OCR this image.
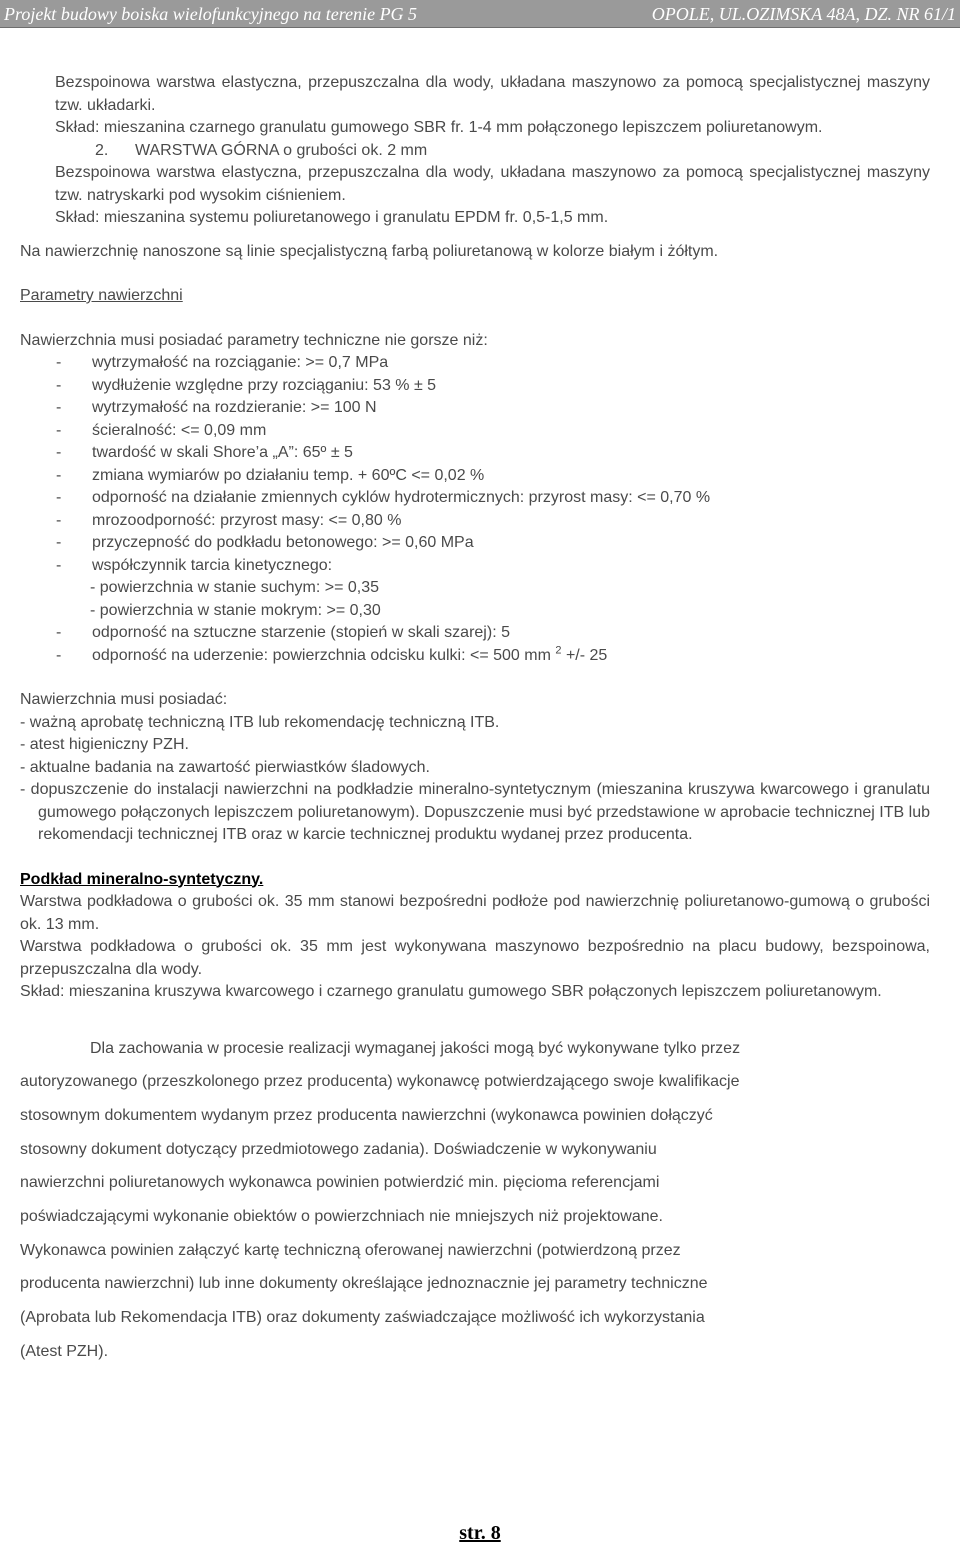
Projekt budowy boiska wielofunkcyjnego na terenie PG 5	OPOLE, UL.OZIMSKA 48A, DZ. NR 61/1

Bezspoinowa warstwa elastyczna, przepuszczalna dla wody, układana maszynowo za pomocą specjalistycznej maszyny tzw. układarki.

Skład: mieszanina czarnego granulatu gumowego SBR fr. 1-4 mm połączonego lepiszczem poliuretanowym.

2. WARSTWA GÓRNA o grubości ok. 2 mm

Bezspoinowa warstwa elastyczna, przepuszczalna dla wody, układana maszynowo za pomocą specjalistycznej maszyny tzw. natryskarki pod wysokim ciśnieniem.

Skład: mieszanina systemu poliuretanowego i granulatu EPDM fr. 0,5-1,5 mm.

Na nawierzchnię nanoszone są linie specjalistyczną farbą poliuretanową w kolorze białym i żółtym.

Parametry nawierzchni

Nawierzchnia musi posiadać parametry techniczne nie gorsze niż:

- wytrzymałość na rozciąganie: >= 0,7 MPa
- wydłużenie względne przy rozciąganiu: 53 % ± 5
- wytrzymałość na rozdzieranie: >= 100 N
- ścieralność: <= 0,09 mm
- twardość w skali Shore’a „A”: 65º ± 5
- zmiana wymiarów po działaniu temp. + 60ºC <= 0,02 %
- odporność na działanie zmiennych cyklów hydrotermicznych: przyrost masy: <= 0,70 %
- mrozoodporność: przyrost masy: <= 0,80 %
- przyczepność do podkładu betonowego: >= 0,60 MPa
- współczynnik tarcia kinetycznego:
- powierzchnia w stanie suchym: >= 0,35
- powierzchnia w stanie mokrym: >= 0,30
- odporność na sztuczne starzenie (stopień w skali szarej): 5
- odporność na uderzenie: powierzchnia odcisku kulki: <= 500 mm $^2$ +/- 25

Nawierzchnia musi posiadać:

- ważną aprobatę techniczną ITB lub rekomendację techniczną ITB.

- atest higieniczny PZH.

- aktualne badania na zawartość pierwiastków śladowych.

- dopuszczenie do instalacji nawierzchni na podkładzie mineralno-syntetycznym (mieszanina kruszywa kwarcowego i granulatu gumowego połączonych lepiszczem poliuretanowym). Dopuszczenie musi być przedstawione w aprobacie technicznej ITB lub rekomendacji technicznej ITB oraz w karcie technicznej produktu wydanej przez producenta.

Podkład mineralno-syntetyczny.

Warstwa podkładowa o grubości ok. 35 mm stanowi bezpośredni podłoże pod nawierzchnię poliuretanowo-gumową o grubości ok. 13 mm.

Warstwa podkładowa o grubości ok. 35 mm jest wykonywana maszynowo bezpośrednio na placu budowy, bezspoinowa, przepuszczalna dla wody.

Skład: mieszanina kruszywa kwarcowego i czarnego granulatu gumowego SBR połączonych lepiszczem poliuretanowym.

Dla zachowania w procesie realizacji wymaganej jakości mogą być wykonywane tylko przez
autoryzowanego (przeszkolonego przez producenta) wykonawcę potwierdzającego swoje kwalifikacje
stosownym dokumentem wydanym przez producenta nawierzchni (wykonawca powinien dołączyć
stosowny dokument dotyczący przedmiotowego zadania). Doświadczenie w wykonywaniu
nawierzchni poliuretanowych wykonawca powinien potwierdzić min. pięcioma referencjami
poświadczającymi wykonanie obiektów o powierzchniach nie mniejszych niż projektowane.
Wykonawca powinien załączyć kartę techniczną oferowanej nawierzchni (potwierdzoną przez
producenta nawierzchni) lub inne dokumenty określające jednoznacznie jej parametry techniczne
(Aprobata lub Rekomendacja ITB) oraz dokumenty zaświadczające możliwość ich wykorzystania
(Atest PZH).
str. 8
